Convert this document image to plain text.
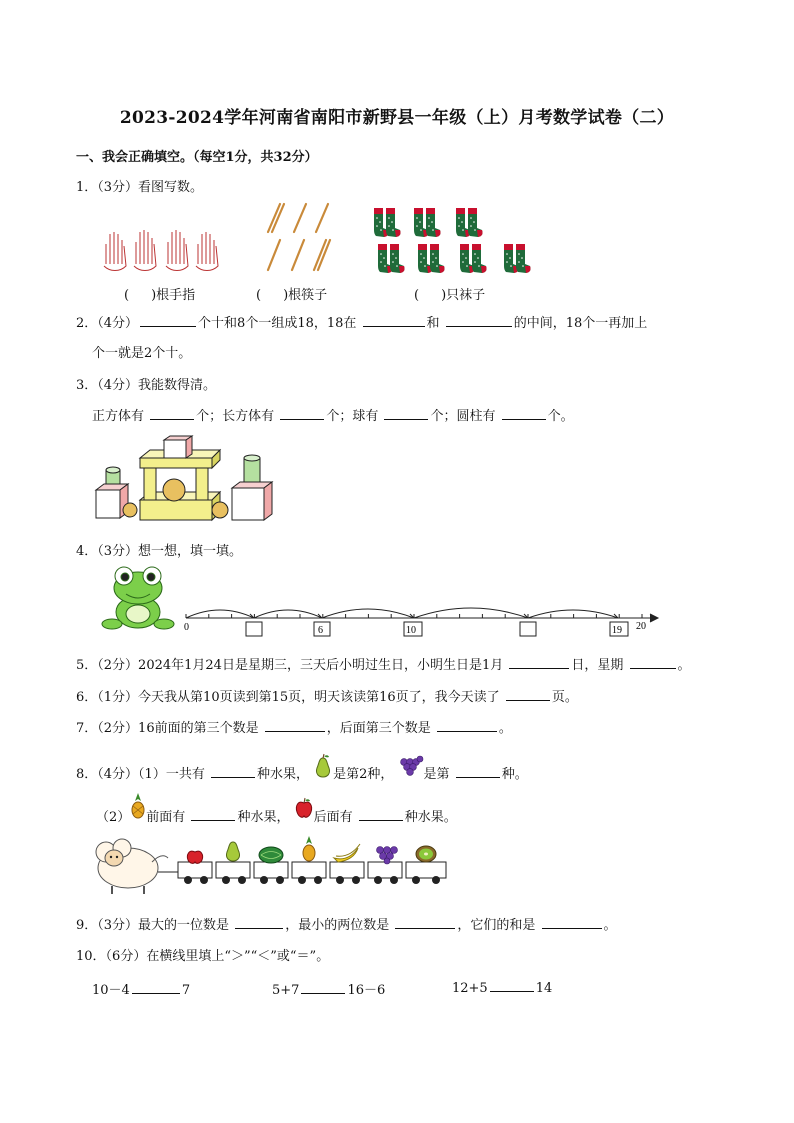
2023-2024学年河南省南阳市新野县一年级（上）月考数学试卷（二）
一、我会正确填空。（每空1分，共32分）
1．（3分）看图写数。
( )根手指	( )根筷子	( )只袜子
2．（4分）	个十和8个一组成18，18在	和	的中间，18个一再加上
个一就是2个十。
3．（4分）我能数得清。
正方体有	个；长方体有	个；球有	个；圆柱有	个。
4．（3分）想一想，填一填。
0	6	10	19 20
5．（2分）2024年1月24日是星期三，三天后小明过生日，小明生日是1月	日，星期	。
6．（1分）今天我从第10页读到第15页，明天该读第16页了，我今天读了	页。
7．（2分）16前面的第三个数是	，后面第三个数是	。
8．（4分）（1）一共有	种水果， 是第2种， 是第	种。
（2） 前面有	种水果， 后面有	种水果。
9．（3分）最大的一位数是	，最小的两位数是	，它们的和是	。
10．（6分）在横线里填上“＞”“＜”或“＝”。
10－4	7	5+7	16－6	12+5	14
